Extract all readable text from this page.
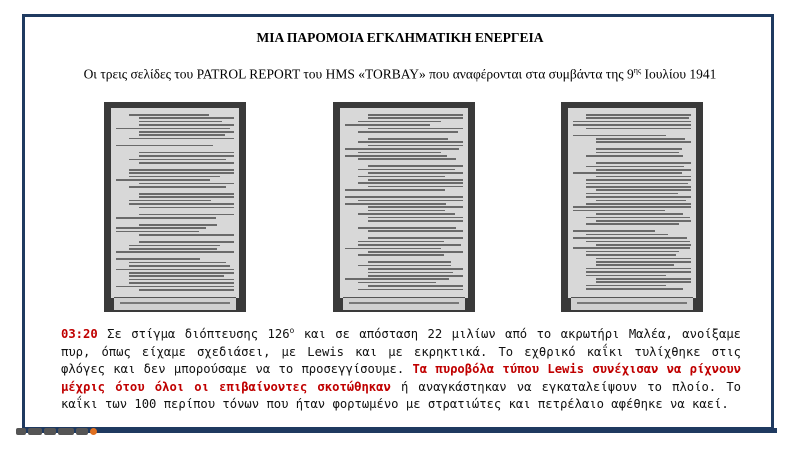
ΜΙΑ ΠΑΡΟΜΟΙΑ ΕΓΚΛΗΜΑΤΙΚΗ ΕΝΕΡΓΕΙΑ
Οι τρεις σελίδες του PATROL REPORT του HMS «TORBAY» που αναφέρονται στα συμβάντα της $9^{\eta\varsigma}$ Ιουλίου 1941

03:20 Σε στίγμα διόπτευσης $126^o$ και σε απόσταση 22 μιλίων από το ακρωτήρι Μαλέα, ανοίξαμε πυρ, όπως είχαμε σχεδιάσει, με Lewis και με εκρηκτικά. Το εχθρικό καΐκι τυλίχθηκε στις φλόγες και δεν μπορούσαμε να το προσεγγίσουμε. Τα πυροβόλα τύπου Lewis συνέχισαν να ρίχνουν μέχρις ότου όλοι οι επιβαίνοντες σκοτώθηκαν ή αναγκάστηκαν να εγκαταλείψουν το πλοίο. Το καΐκι των 100 περίπου τόνων που ήταν φορτωμένο με στρατιώτες και πετρέλαιο αφέθηκε να καεί.
